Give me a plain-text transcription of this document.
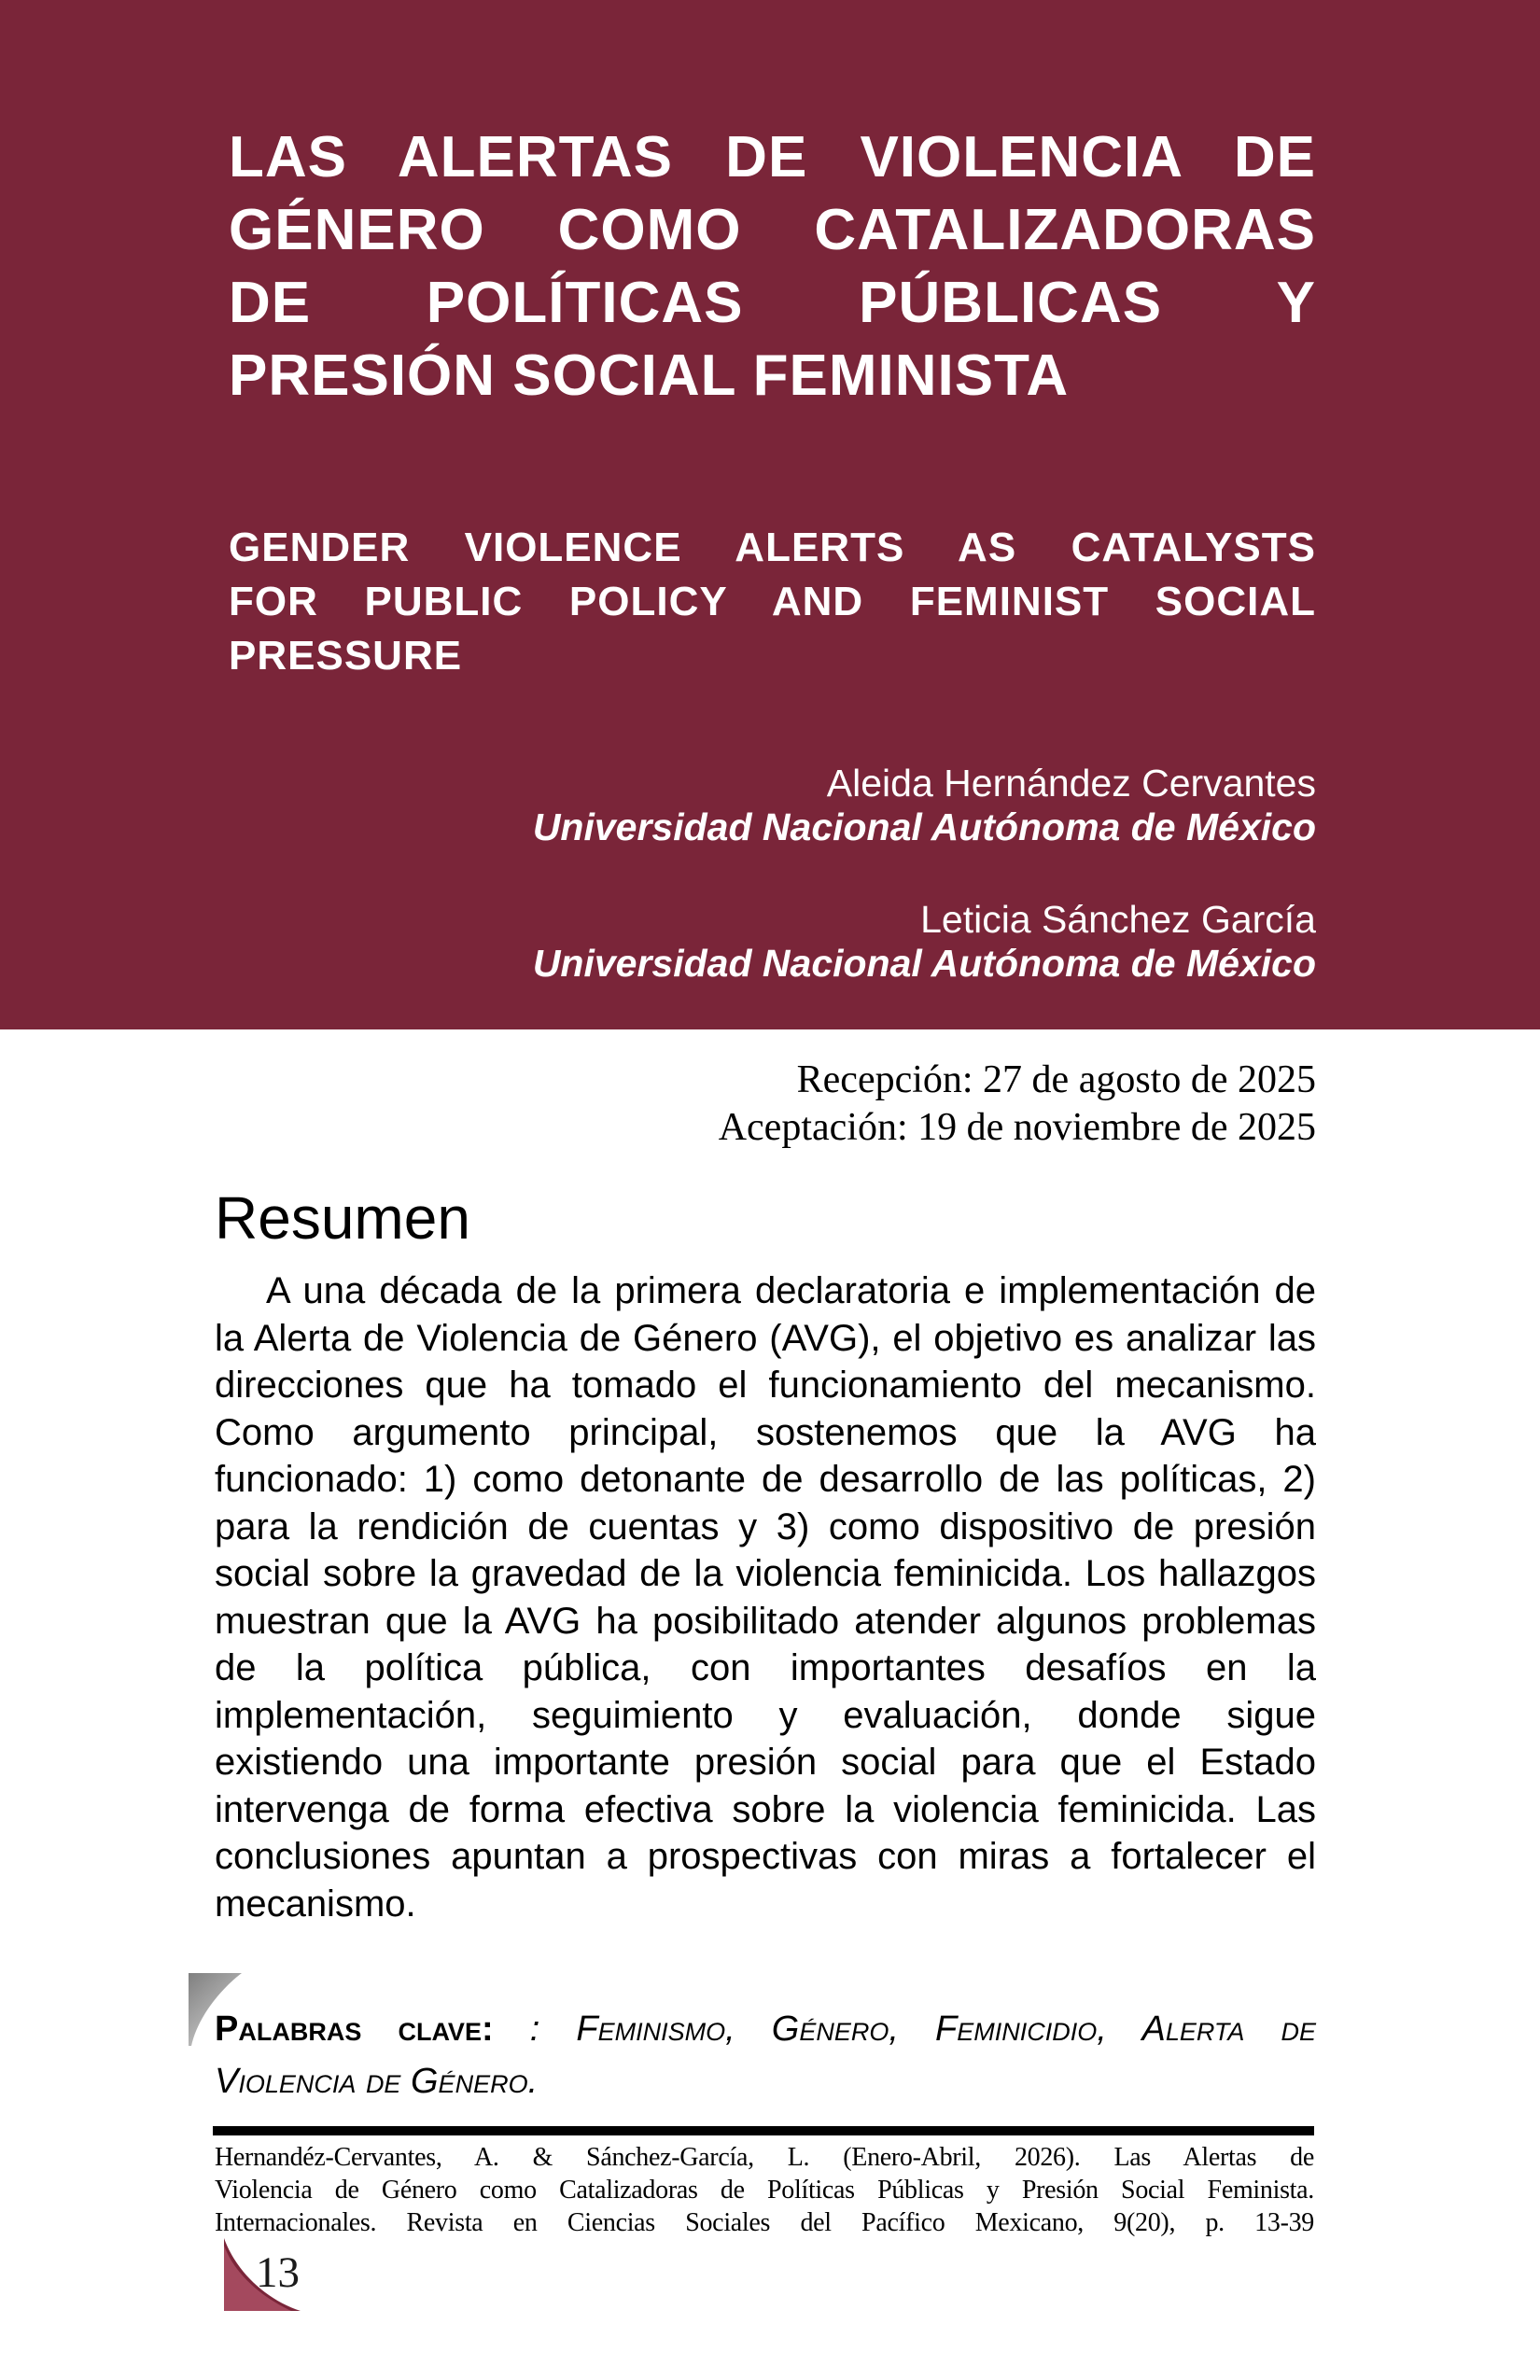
LAS ALERTAS DE VIOLENCIA DE
GÉNERO COMO CATALIZADORAS
DE POLÍTICAS PÚBLICAS Y
PRESIÓN SOCIAL FEMINISTA
GENDER VIOLENCE ALERTS AS CATALYSTS
FOR PUBLIC POLICY AND FEMINIST SOCIAL
PRESSURE
Aleida Hernández Cervantes
Universidad Nacional Autónoma de México
Leticia Sánchez García
Universidad Nacional Autónoma de México
Recepción: 27 de agosto de 2025
Aceptación: 19 de noviembre de 2025
Resumen
A una década de la primera declaratoria e implementación de la Alerta de Violencia de Género (AVG), el objetivo es analizar las direcciones que ha tomado el funcionamiento del mecanismo. Como argumento principal, sostenemos que la AVG ha funcionado: 1) como detonante de desarrollo de las políticas, 2) para la rendición de cuentas y 3) como dispositivo de presión social sobre la gravedad de la violencia feminicida. Los hallazgos muestran que la AVG ha posibilitado atender algunos problemas de la política pública, con importantes desafíos en la implementación, seguimiento y evaluación, donde sigue existiendo una importante presión social para que el Estado intervenga de forma efectiva sobre la violencia feminicida. Las conclusiones apuntan a prospectivas con miras a fortalecer el mecanismo.
Palabras clave: : Feminismo, Género, Feminicidio, Alerta de
Violencia de Género.
Hernandéz-Cervantes, A. & Sánchez-García, L. (Enero-Abril, 2026). Las Alertas de
Violencia de Género como Catalizadoras de Políticas Públicas y Presión Social Feminista.
Internacionales. Revista en Ciencias Sociales del Pacífico Mexicano, 9(20), p. 13-39
13
